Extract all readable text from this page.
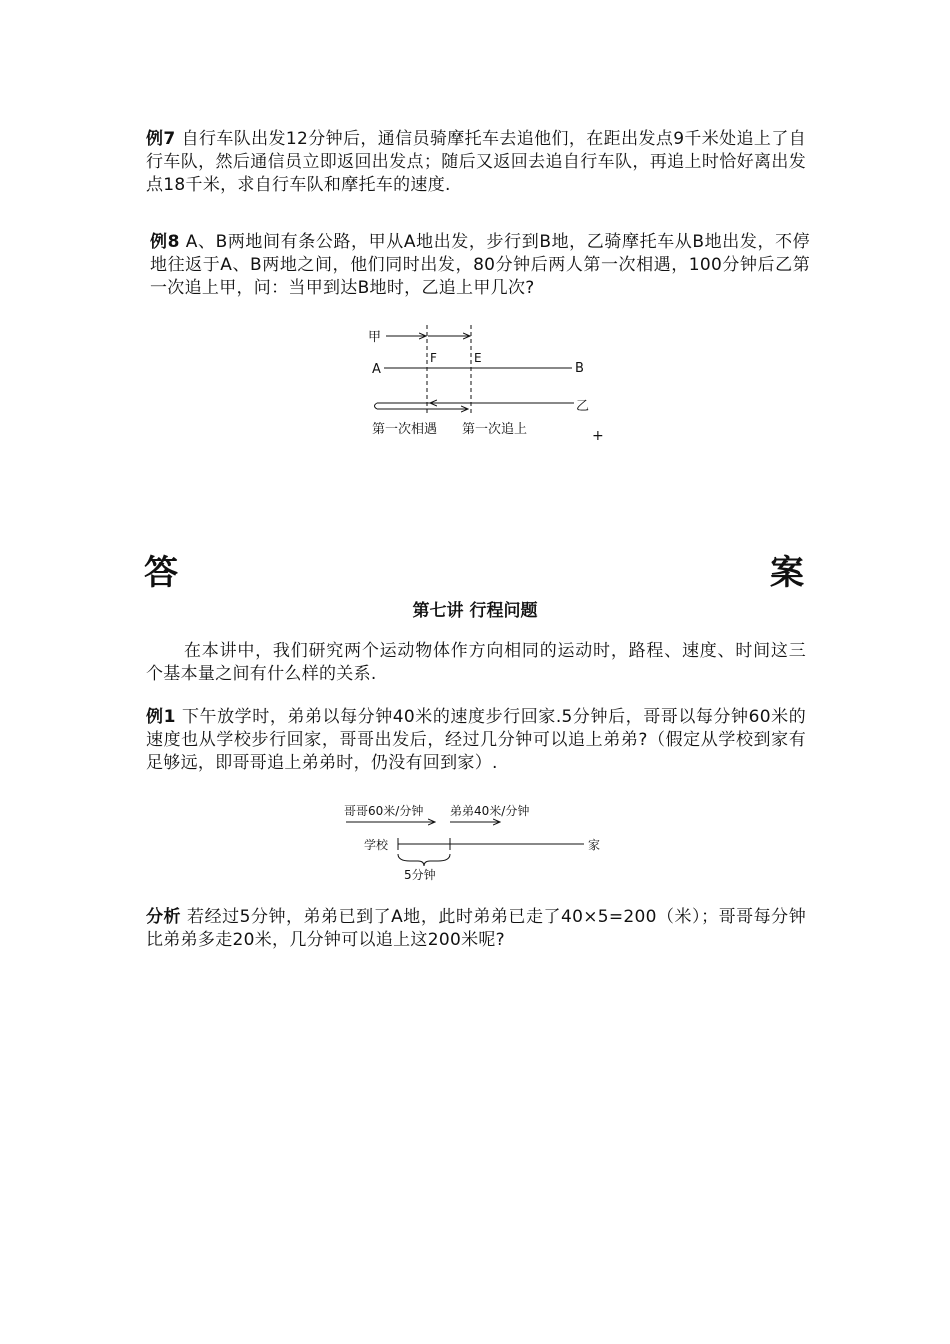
例7 自行车队出发12分钟后，通信员骑摩托车去追他们，在距出发点9千米处追上了自行车队，然后通信员立即返回出发点；随后又返回去追自行车队，再追上时恰好离出发点18千米，求自行车队和摩托车的速度.

例8 A、B两地间有条公路，甲从A地出发，步行到B地，乙骑摩托车从B地出发，不停地往返于A、B两地之间，他们同时出发，80分钟后两人第一次相遇，100分钟后乙第一次追上甲，问：当甲到达B地时，乙追上甲几次?

甲
A	B
F	E
乙
第一次相遇 第一次追上	+
答	案
第七讲 行程问题

在本讲中，我们研究两个运动物体作方向相同的运动时，路程、速度、时间这三个基本量之间有什么样的关系.

例1 下午放学时，弟弟以每分钟40米的速度步行回家.5分钟后，哥哥以每分钟60米的速度也从学校步行回家，哥哥出发后，经过几分钟可以追上弟弟?（假定从学校到家有足够远，即哥哥追上弟弟时，仍没有回到家）.

哥哥60米/分钟 弟弟40米/分钟
学校	家
5分钟

分析 若经过5分钟，弟弟已到了A地，此时弟弟已走了40×5=200（米）；哥哥每分钟比弟弟多走20米，几分钟可以追上这200米呢?
